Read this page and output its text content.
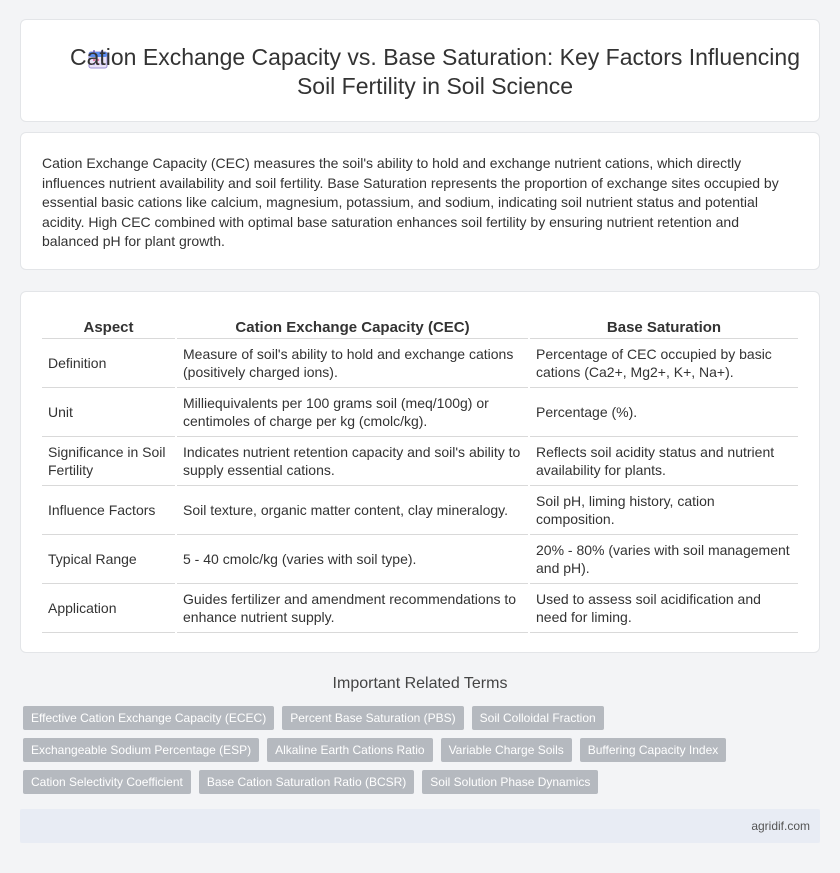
Cation Exchange Capacity vs. Base Saturation: Key Factors Influencing Soil Fertility in Soil Science

Cation Exchange Capacity (CEC) measures the soil's ability to hold and exchange nutrient cations, which directly influences nutrient availability and soil fertility. Base Saturation represents the proportion of exchange sites occupied by essential basic cations like calcium, magnesium, potassium, and sodium, indicating soil nutrient status and potential acidity. High CEC combined with optimal base saturation enhances soil fertility by ensuring nutrient retention and balanced pH for plant growth.

Aspect	Cation Exchange Capacity (CEC)	Base Saturation
Definition	Measure of soil's ability to hold and exchange cations (positively charged ions).	Percentage of CEC occupied by basic cations (Ca2+, Mg2+, K+, Na+).
Unit	Milliequivalents per 100 grams soil (meq/100g) or centimoles of charge per kg (cmolc/kg).	Percentage (%).
Significance in Soil Fertility	Indicates nutrient retention capacity and soil's ability to supply essential cations.	Reflects soil acidity status and nutrient availability for plants.
Influence Factors	Soil texture, organic matter content, clay mineralogy.	Soil pH, liming history, cation composition.
Typical Range	5 - 40 cmolc/kg (varies with soil type).	20% - 80% (varies with soil management and pH).
Application	Guides fertilizer and amendment recommendations to enhance nutrient supply.	Used to assess soil acidification and need for liming.
Important Related Terms
Effective Cation Exchange Capacity (ECEC)	Percent Base Saturation (PBS)	Soil Colloidal Fraction
Exchangeable Sodium Percentage (ESP)	Alkaline Earth Cations Ratio	Variable Charge Soils	Buffering Capacity Index
Cation Selectivity Coefficient	Base Cation Saturation Ratio (BCSR)	Soil Solution Phase Dynamics
agridif.com
